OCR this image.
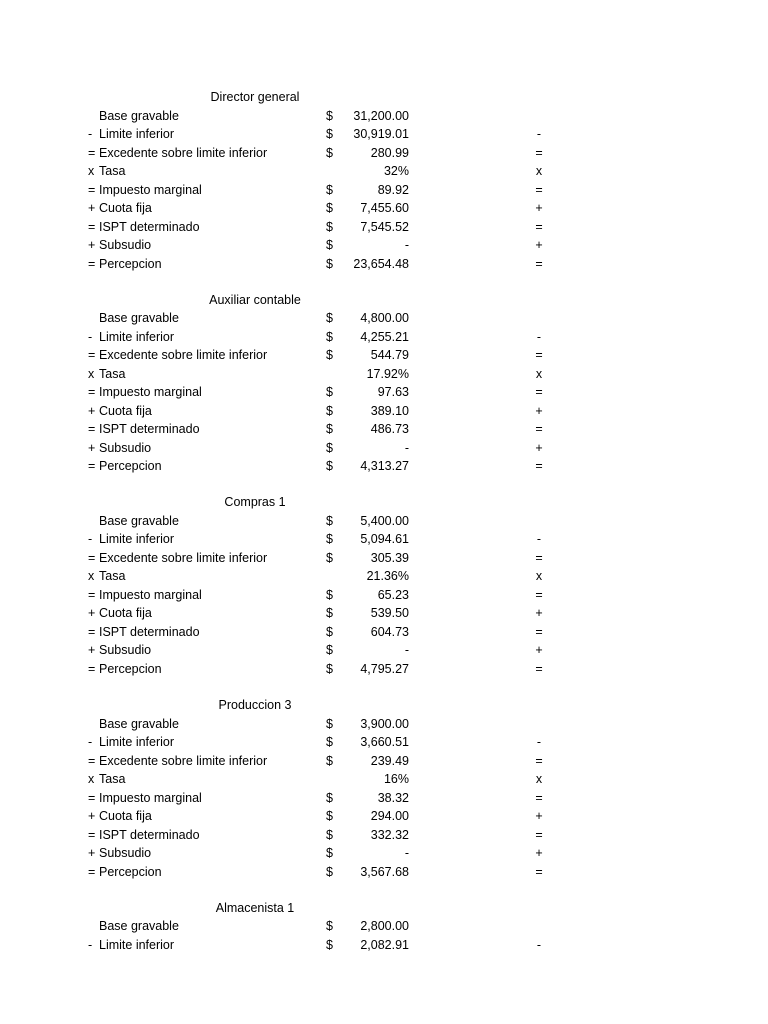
Director general
Base gravable	$ 31,200.00
- Limite inferior	$ 30,919.01	-
= Excedente sobre limite inferior	$	280.99	=
x Tasa	32%	x
= Impuesto marginal	$	89.92	=
+ Cuota fija	$ 7,455.60	+
= ISPT determinado	$ 7,545.52	=
+ Subsudio	$	-	+
= Percepcion	$ 23,654.48	=
Auxiliar contable
Base gravable	$ 4,800.00
- Limite inferior	$ 4,255.21	-
= Excedente sobre limite inferior	$	544.79	=
x Tasa	17.92%	x
= Impuesto marginal	$	97.63	=
+ Cuota fija	$	389.10	+
= ISPT determinado	$	486.73	=
+ Subsudio	$	-	+
= Percepcion	$ 4,313.27	=
Compras 1
Base gravable	$ 5,400.00
- Limite inferior	$ 5,094.61	-
= Excedente sobre limite inferior	$	305.39	=
x Tasa	21.36%	x
= Impuesto marginal	$	65.23	=
+ Cuota fija	$	539.50	+
= ISPT determinado	$	604.73	=
+ Subsudio	$	-	+
= Percepcion	$ 4,795.27	=
Produccion 3
Base gravable	$ 3,900.00
- Limite inferior	$ 3,660.51	-
= Excedente sobre limite inferior	$	239.49	=
x Tasa	16%	x
= Impuesto marginal	$	38.32	=
+ Cuota fija	$	294.00	+
= ISPT determinado	$	332.32	=
+ Subsudio	$	-	+
= Percepcion	$ 3,567.68	=
Almacenista 1
Base gravable	$ 2,800.00
- Limite inferior	$ 2,082.91	-
